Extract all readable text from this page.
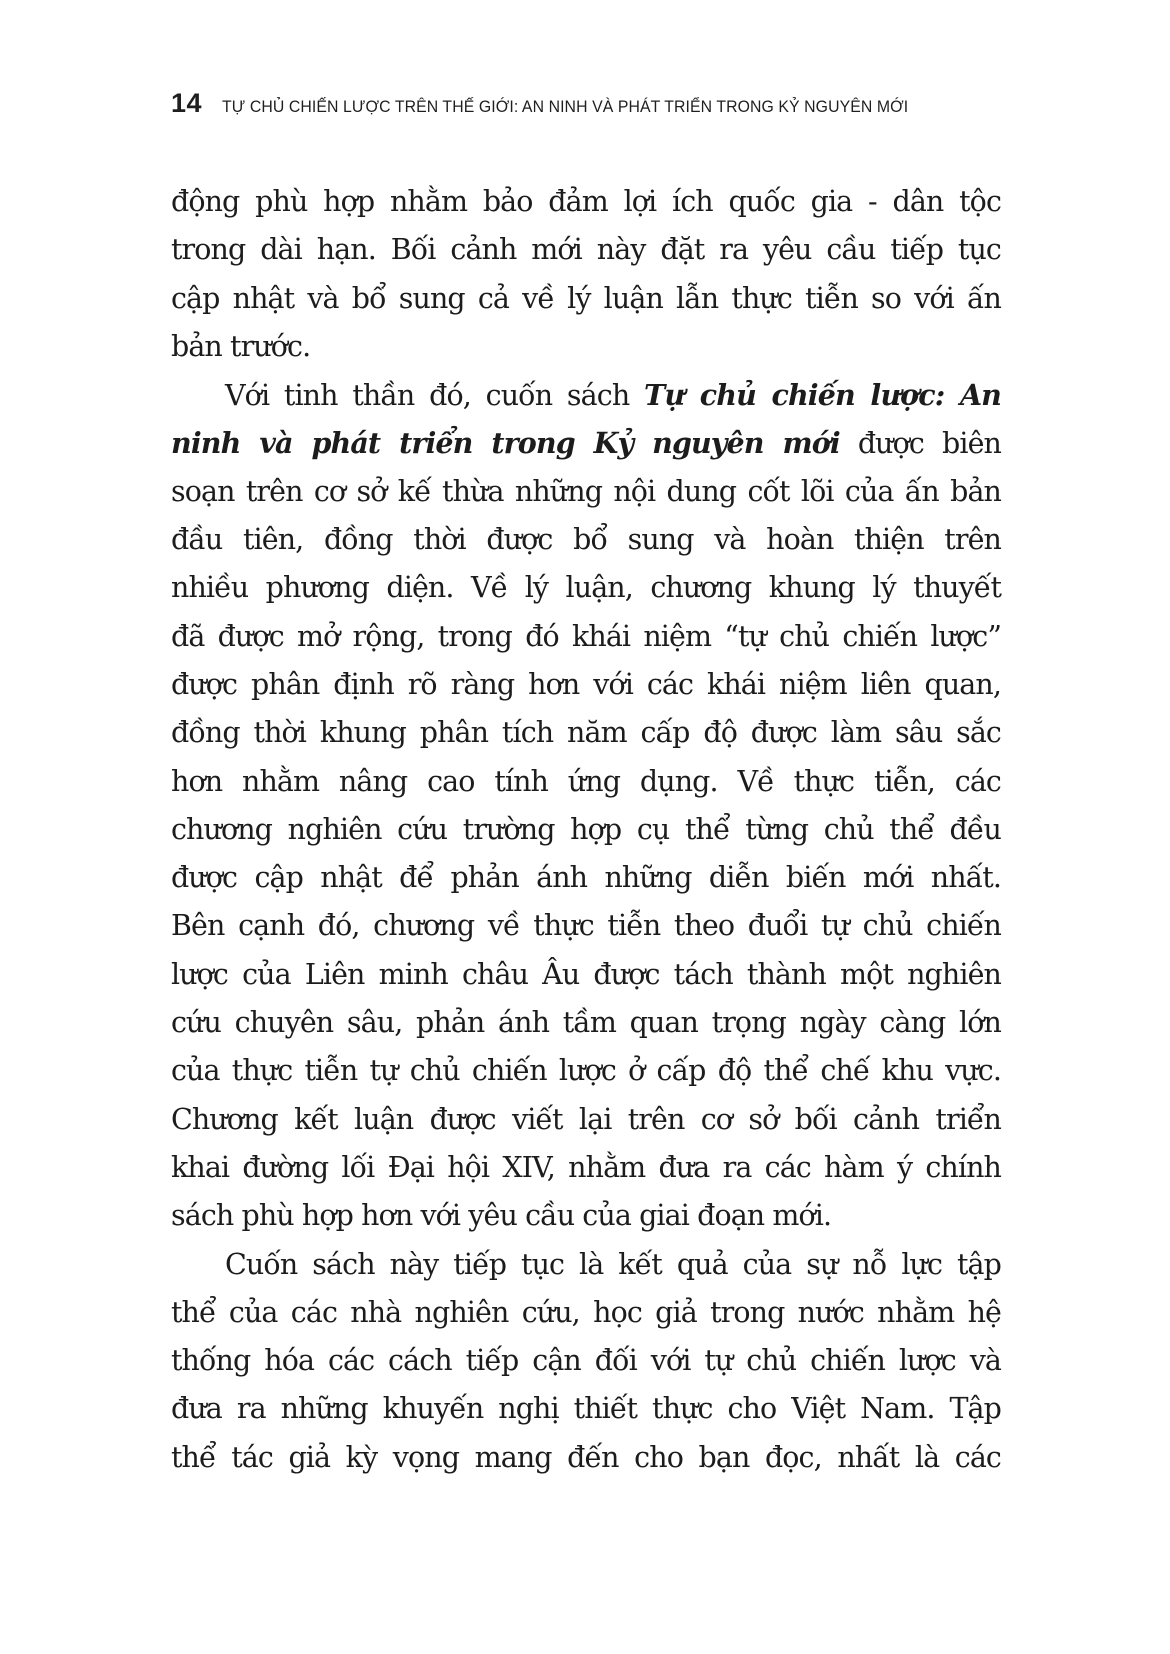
14 TỰ CHỦ CHIẾN LƯỢC TRÊN THẾ GIỚI: AN NINH VÀ PHÁT TRIỂN TRONG KỶ NGUYÊN MỚI
động phù hợp nhằm bảo đảm lợi ích quốc gia - dân tộc
trong dài hạn. Bối cảnh mới này đặt ra yêu cầu tiếp tục
cập nhật và bổ sung cả về lý luận lẫn thực tiễn so với ấn
bản trước.
Với tinh thần đó, cuốn sách Tự chủ chiến lược: An
ninh và phát triển trong Kỷ nguyên mới được biên
soạn trên cơ sở kế thừa những nội dung cốt lõi của ấn bản
đầu tiên, đồng thời được bổ sung và hoàn thiện trên
nhiều phương diện. Về lý luận, chương khung lý thuyết
đã được mở rộng, trong đó khái niệm “tự chủ chiến lược”
được phân định rõ ràng hơn với các khái niệm liên quan,
đồng thời khung phân tích năm cấp độ được làm sâu sắc
hơn nhằm nâng cao tính ứng dụng. Về thực tiễn, các
chương nghiên cứu trường hợp cụ thể từng chủ thể đều
được cập nhật để phản ánh những diễn biến mới nhất.
Bên cạnh đó, chương về thực tiễn theo đuổi tự chủ chiến
lược của Liên minh châu Âu được tách thành một nghiên
cứu chuyên sâu, phản ánh tầm quan trọng ngày càng lớn
của thực tiễn tự chủ chiến lược ở cấp độ thể chế khu vực.
Chương kết luận được viết lại trên cơ sở bối cảnh triển
khai đường lối Đại hội XIV, nhằm đưa ra các hàm ý chính
sách phù hợp hơn với yêu cầu của giai đoạn mới.
Cuốn sách này tiếp tục là kết quả của sự nỗ lực tập
thể của các nhà nghiên cứu, học giả trong nước nhằm hệ
thống hóa các cách tiếp cận đối với tự chủ chiến lược và
đưa ra những khuyến nghị thiết thực cho Việt Nam. Tập
thể tác giả kỳ vọng mang đến cho bạn đọc, nhất là các
